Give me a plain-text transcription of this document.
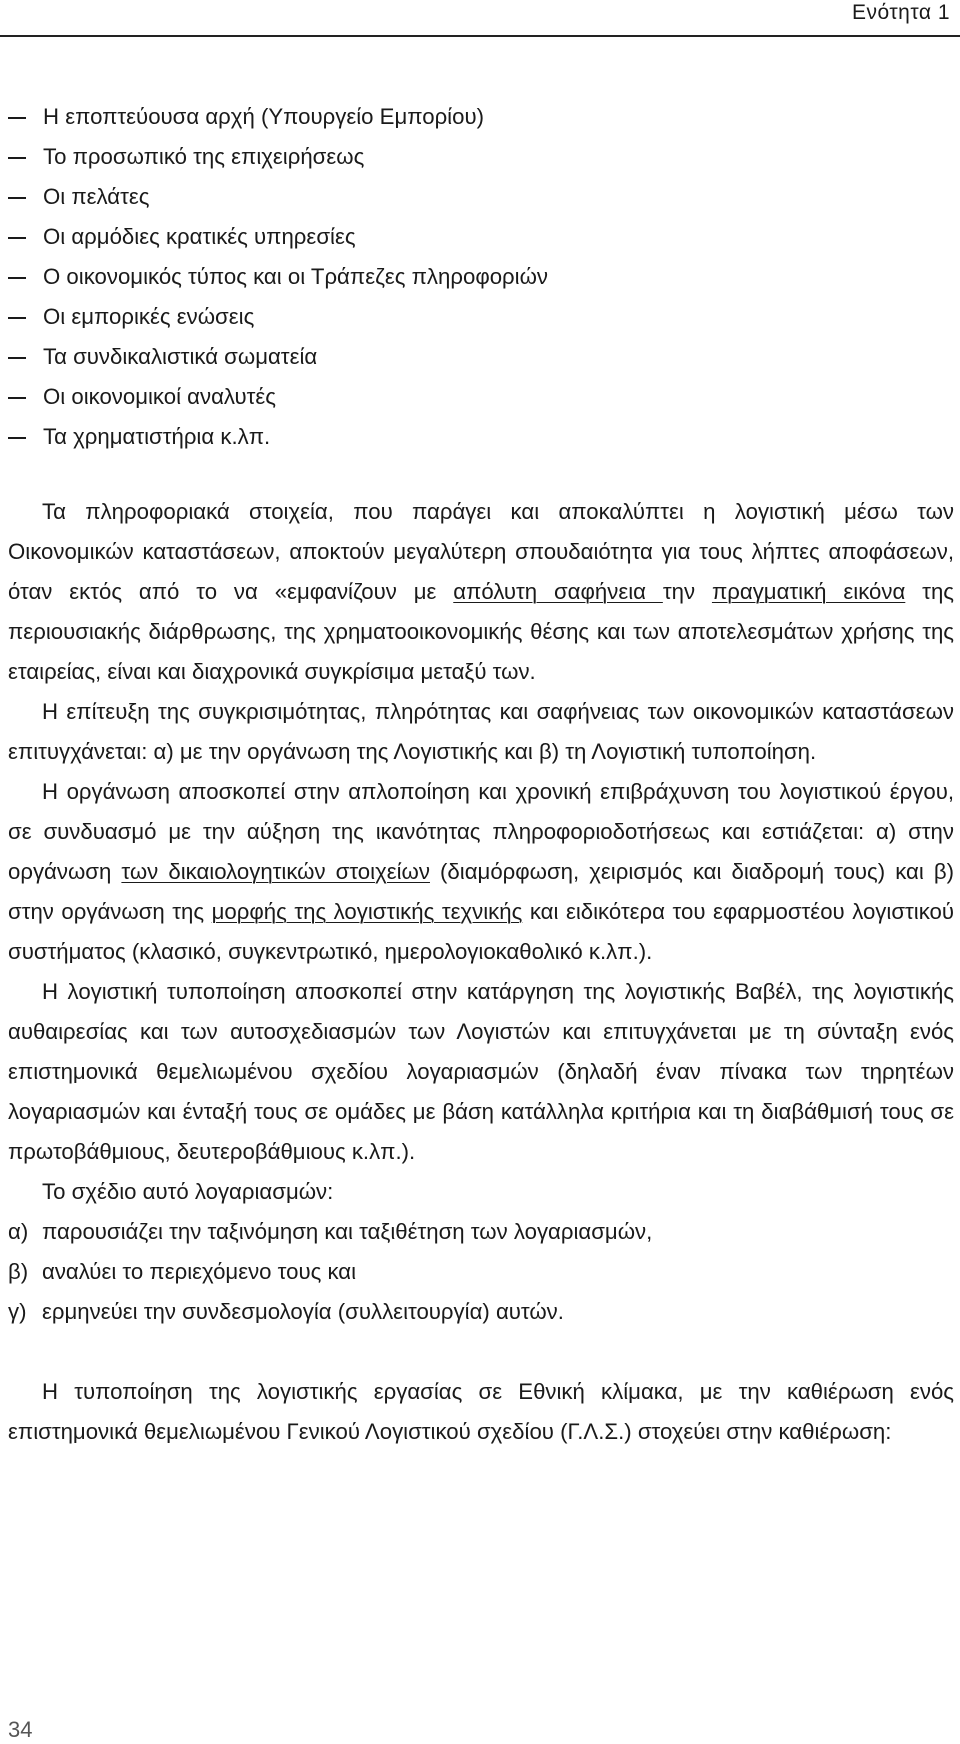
Ενότητα 1
Η εποπτεύουσα αρχή (Υπουργείο Εμπορίου)
Το προσωπικό της επιχειρήσεως
Οι πελάτες
Οι αρμόδιες κρατικές υπηρεσίες
Ο οικονομικός τύπος και οι Τράπεζες πληροφοριών
Οι εμπορικές ενώσεις
Τα συνδικαλιστικά σωματεία
Οι οικονομικοί αναλυτές
Τα χρηματιστήρια κ.λπ.

Τα πληροφοριακά στοιχεία, που παράγει και αποκαλύπτει η λογιστική μέσω των Οικονομικών καταστάσεων, αποκτούν μεγαλύτερη σπουδαιότητα για τους λήπτες αποφάσεων, όταν εκτός από το να «εμφανίζουν με απόλυτη σαφήνεια την πραγματική εικόνα της περιουσιακής διάρθρωσης, της χρηματοοικονομικής θέσης και των αποτελεσμάτων χρήσης της εταιρείας, είναι και διαχρονικά συγκρίσιμα μεταξύ των.

Η επίτευξη της συγκρισιμότητας, πληρότητας και σαφήνειας των οικονομικών καταστάσεων επιτυγχάνεται: α) με την οργάνωση της Λογιστικής και β) τη Λογιστική τυποποίηση.

Η οργάνωση αποσκοπεί στην απλοποίηση και χρονική επιβράχυνση του λογιστικού έργου, σε συνδυασμό με την αύξηση της ικανότητας πληροφοριοδοτήσεως και εστιάζεται: α) στην οργάνωση των δικαιολογητικών στοιχείων (διαμόρφωση, χειρισμός και διαδρομή τους) και β) στην οργάνωση της μορφής της λογιστικής τεχνικής και ειδικότερα του εφαρμοστέου λογιστικού συστήματος (κλασικό, συγκεντρωτικό, ημερολογιοκαθολικό κ.λπ.).

Η λογιστική τυποποίηση αποσκοπεί στην κατάργηση της λογιστικής Βαβέλ, της λογιστικής αυθαιρεσίας και των αυτοσχεδιασμών των Λογιστών και επιτυγχάνεται με τη σύνταξη ενός επιστημονικά θεμελιωμένου σχεδίου λογαριασμών (δηλαδή έναν πίνακα των τηρητέων λογαριασμών και ένταξή τους σε ομάδες με βάση κατάλληλα κριτήρια και τη διαβάθμισή τους σε πρωτοβάθμιους, δευτεροβάθμιους κ.λπ.).

Το σχέδιο αυτό λογαριασμών:

α) παρουσιάζει την ταξινόμηση και ταξιθέτηση των λογαριασμών,
β) αναλύει το περιεχόμενο τους και
γ) ερμηνεύει την συνδεσμολογία (συλλειτουργία) αυτών.

Η τυποποίηση της λογιστικής εργασίας σε Εθνική κλίμακα, με την καθιέρωση ενός επιστημονικά θεμελιωμένου Γενικού Λογιστικού σχεδίου (Γ.Λ.Σ.) στοχεύει στην καθιέρωση:

34
